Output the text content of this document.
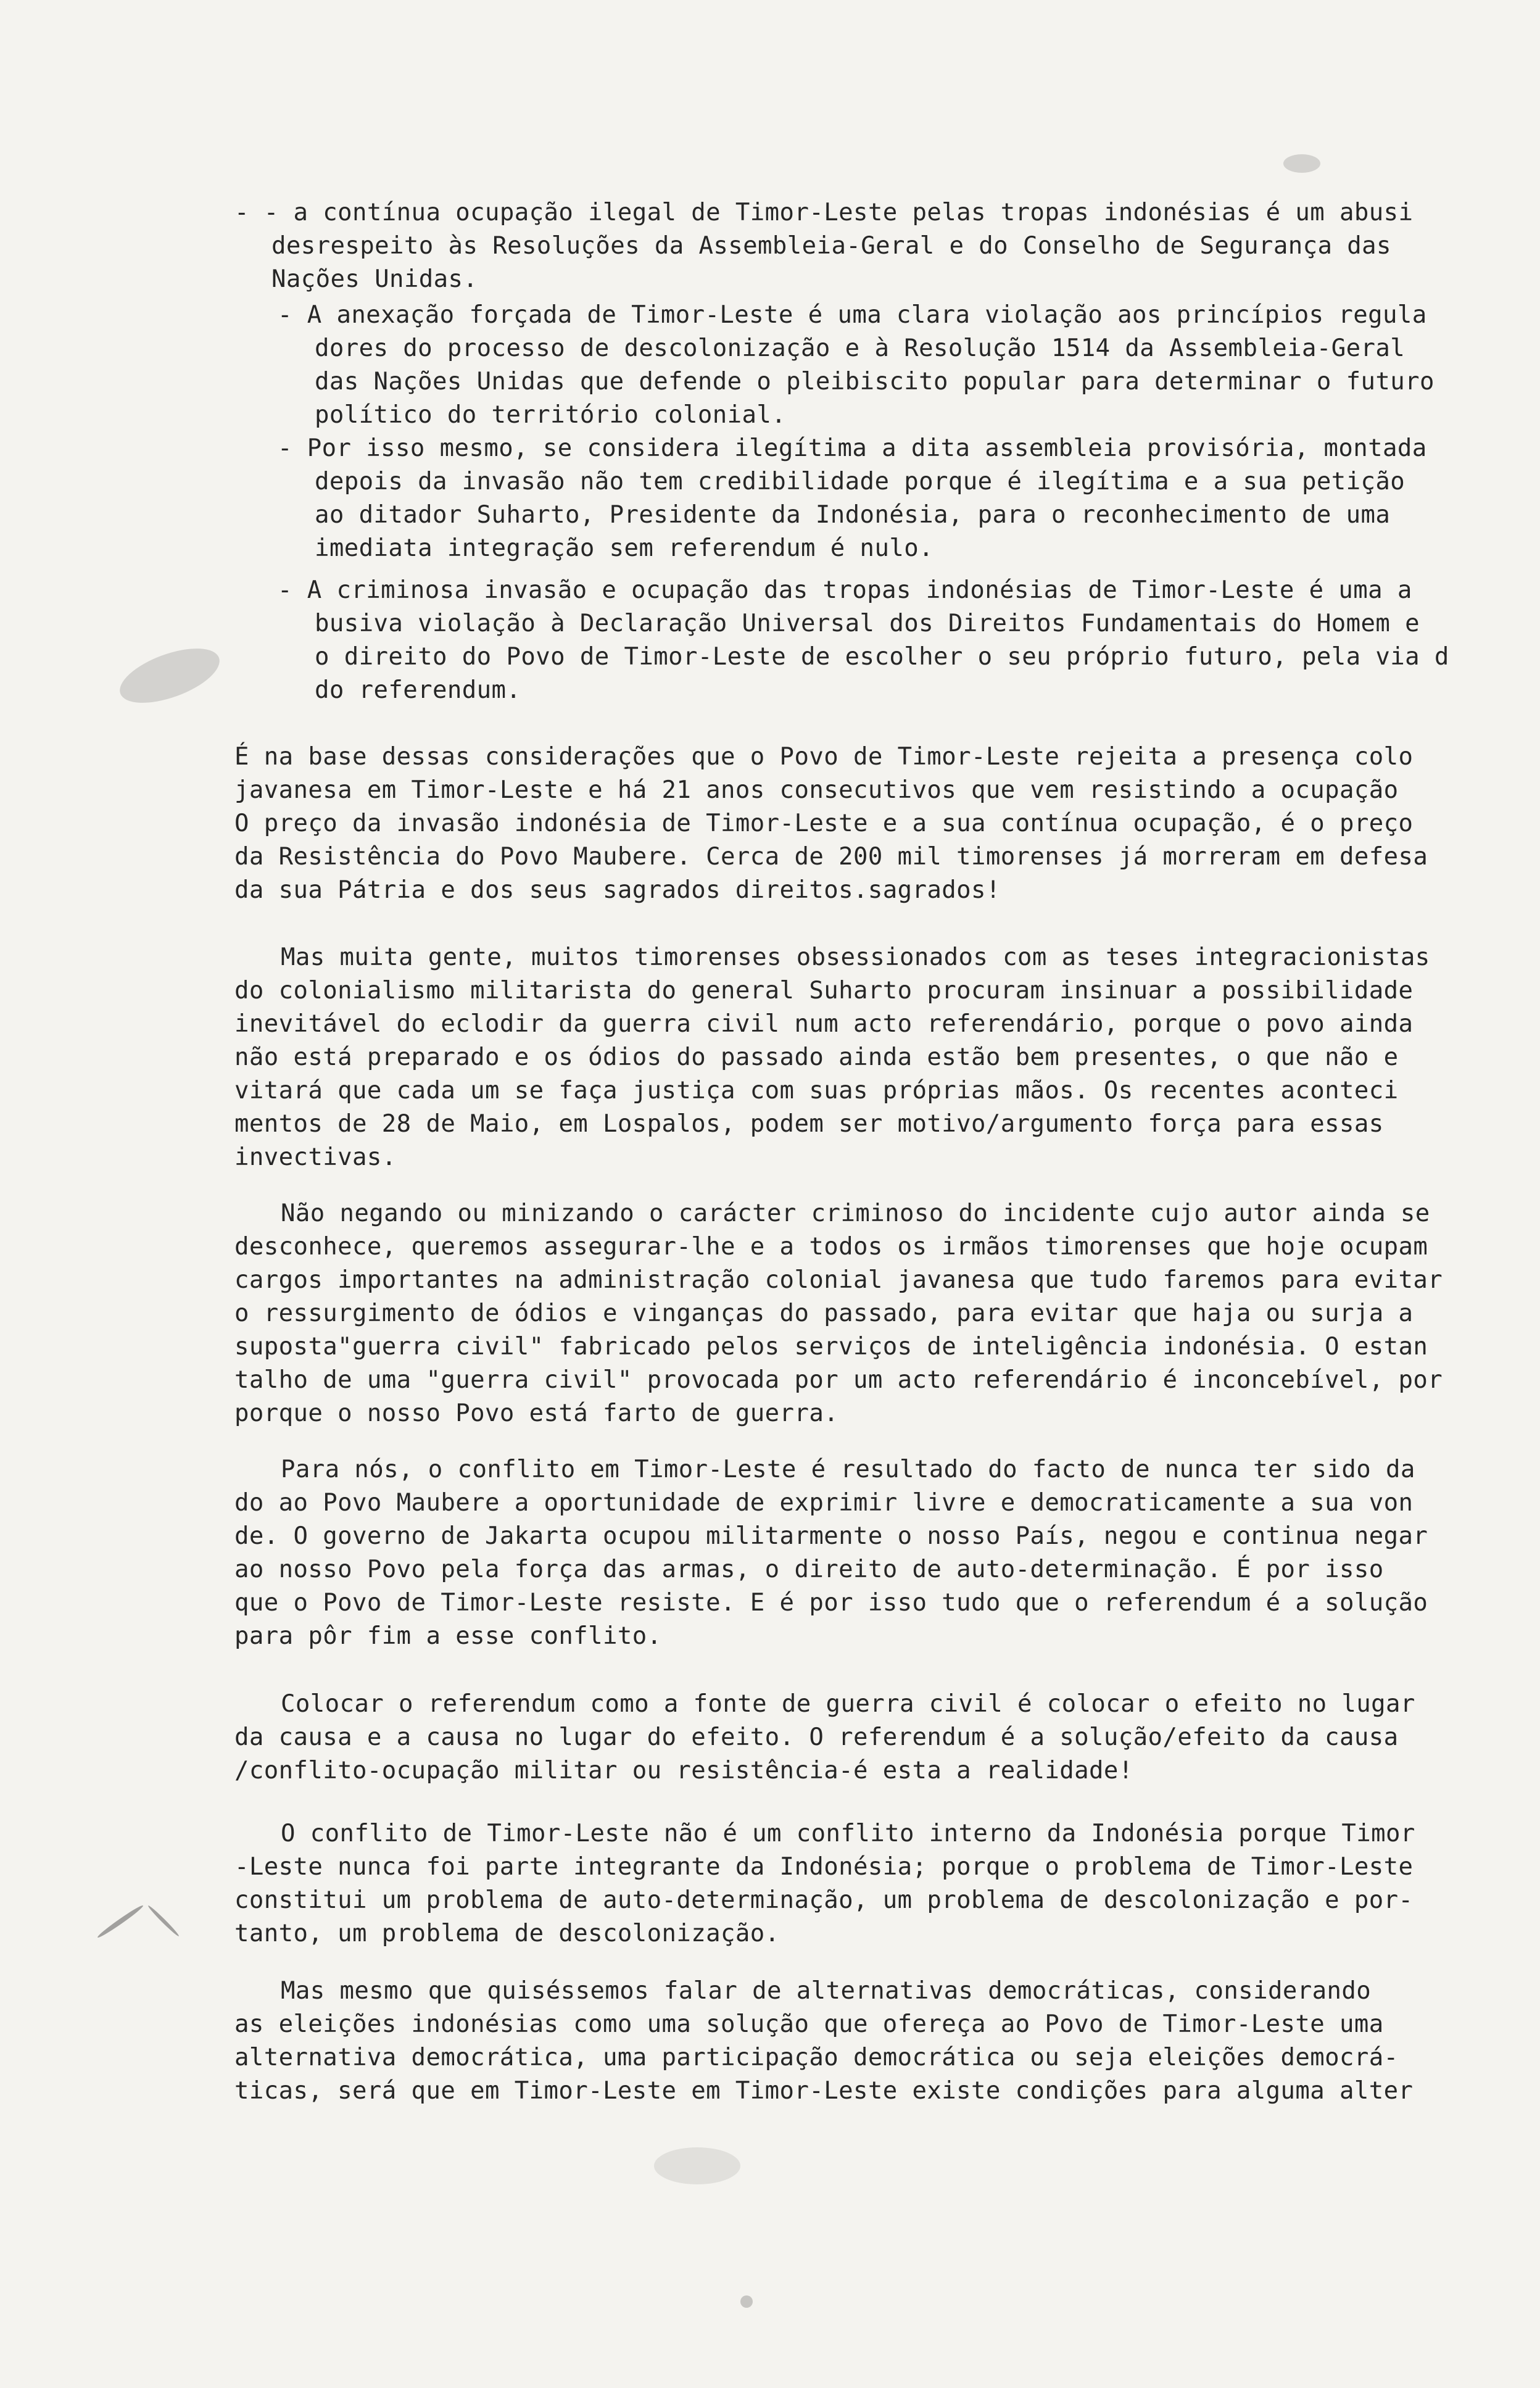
- - a contínua ocupação ilegal de Timor-Leste pelas tropas indonésias é um abusi
desrespeito às Resoluções da Assembleia-Geral e do Conselho de Segurança das
Nações Unidas.
- A anexação forçada de Timor-Leste é uma clara violação aos princípios regula
dores do processo de descolonização e à Resolução 1514 da Assembleia-Geral
das Nações Unidas que defende o pleibiscito popular para determinar o futuro
político do território colonial.
- Por isso mesmo, se considera ilegítima a dita assembleia provisória, montada
depois da invasão não tem credibilidade porque é ilegítima e a sua petição
ao ditador Suharto, Presidente da Indonésia, para o reconhecimento de uma
imediata integração sem referendum é nulo.
- A criminosa invasão e ocupação das tropas indonésias de Timor-Leste é uma a
busiva violação à Declaração Universal dos Direitos Fundamentais do Homem e
o direito do Povo de Timor-Leste de escolher o seu próprio futuro, pela via d
do referendum.
É na base dessas considerações que o Povo de Timor-Leste rejeita a presença colo
javanesa em Timor-Leste e há 21 anos consecutivos que vem resistindo a ocupação
O preço da invasão indonésia de Timor-Leste e a sua contínua ocupação, é o preço
da Resistência do Povo Maubere. Cerca de 200 mil timorenses já morreram em defesa
da sua Pátria e dos seus sagrados direitos.sagrados!
Mas muita gente, muitos timorenses obsessionados com as teses integracionistas
do colonialismo militarista do general Suharto procuram insinuar a possibilidade
inevitável do eclodir da guerra civil num acto referendário, porque o povo ainda
não está preparado e os ódios do passado ainda estão bem presentes, o que não e
vitará que cada um se faça justiça com suas próprias mãos. Os recentes aconteci
mentos de 28 de Maio, em Lospalos, podem ser motivo/argumento força para essas
invectivas.
Não negando ou minizando o carácter criminoso do incidente cujo autor ainda se
desconhece, queremos assegurar-lhe e a todos os irmãos timorenses que hoje ocupam
cargos importantes na administração colonial javanesa que tudo faremos para evitar
o ressurgimento de ódios e vinganças do passado, para evitar que haja ou surja a
suposta"guerra civil" fabricado pelos serviços de inteligência indonésia. O estan
talho de uma "guerra civil" provocada por um acto referendário é inconcebível, por
porque o nosso Povo está farto de guerra.
Para nós, o conflito em Timor-Leste é resultado do facto de nunca ter sido da
do ao Povo Maubere a oportunidade de exprimir livre e democraticamente a sua von
de. O governo de Jakarta ocupou militarmente o nosso País, negou e continua negar
ao nosso Povo pela força das armas, o direito de auto-determinação. É por isso
que o Povo de Timor-Leste resiste. E é por isso tudo que o referendum é a solução
para pôr fim a esse conflito.
Colocar o referendum como a fonte de guerra civil é colocar o efeito no lugar
da causa e a causa no lugar do efeito. O referendum é a solução/efeito da causa
/conflito-ocupação militar ou resistência-é esta a realidade!
O conflito de Timor-Leste não é um conflito interno da Indonésia porque Timor
-Leste nunca foi parte integrante da Indonésia; porque o problema de Timor-Leste
constitui um problema de auto-determinação, um problema de descolonização e por-
tanto, um problema de descolonização.
Mas mesmo que quiséssemos falar de alternativas democráticas, considerando
as eleições indonésias como uma solução que ofereça ao Povo de Timor-Leste uma
alternativa democrática, uma participação democrática ou seja eleições democrá-
ticas, será que em Timor-Leste em Timor-Leste existe condições para alguma alter
